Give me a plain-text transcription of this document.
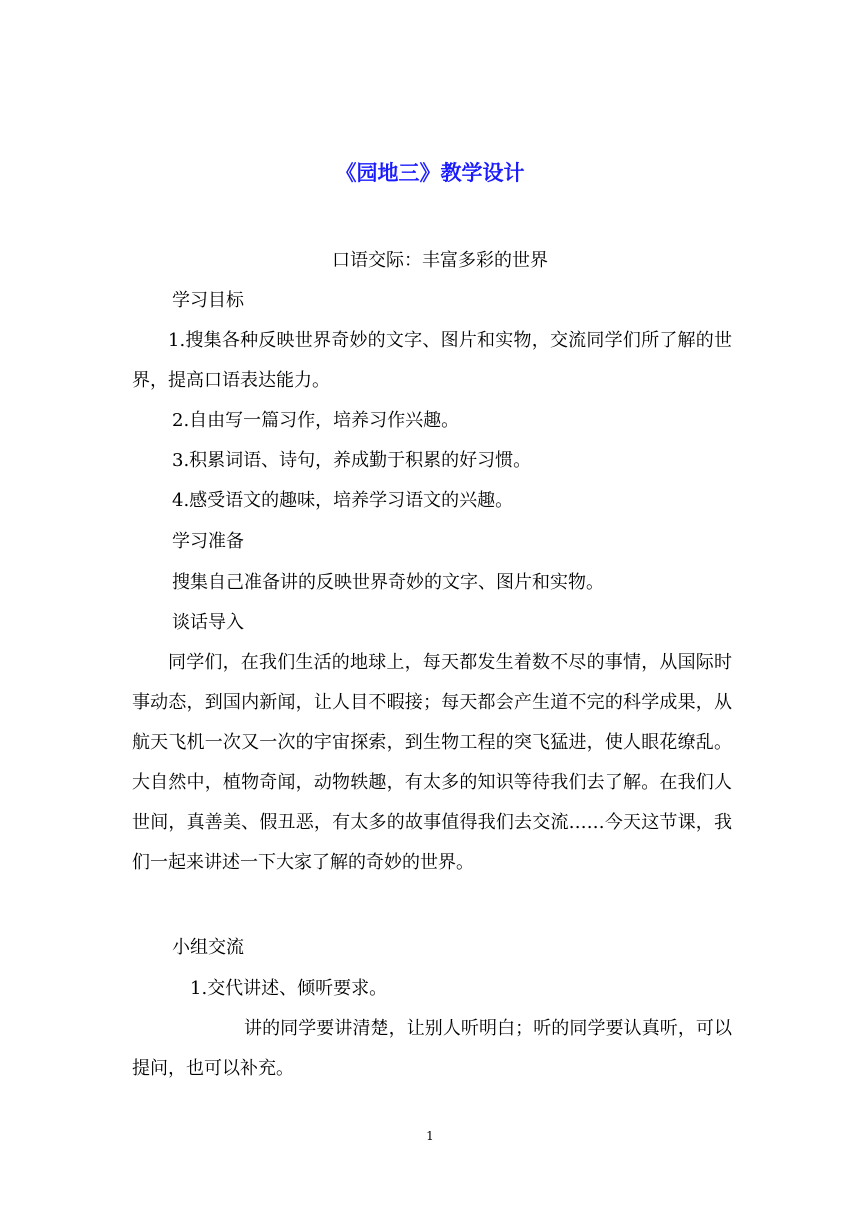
《园地三》教学设计
口语交际：丰富多彩的世界
学习目标
1.搜集各种反映世界奇妙的文字、图片和实物，交流同学们所了解的世界，提高口语表达能力。
2.自由写一篇习作，培养习作兴趣。
3.积累词语、诗句，养成勤于积累的好习惯。
4.感受语文的趣味，培养学习语文的兴趣。
学习准备
搜集自己准备讲的反映世界奇妙的文字、图片和实物。
谈话导入
同学们，在我们生活的地球上，每天都发生着数不尽的事情，从国际时事动态，到国内新闻，让人目不暇接；每天都会产生道不完的科学成果，从航天飞机一次又一次的宇宙探索，到生物工程的突飞猛进，使人眼花缭乱。大自然中，植物奇闻，动物轶趣，有太多的知识等待我们去了解。在我们人世间，真善美、假丑恶，有太多的故事值得我们去交流……今天这节课，我们一起来讲述一下大家了解的奇妙的世界。
小组交流
1.交代讲述、倾听要求。
讲的同学要讲清楚，让别人听明白；听的同学要认真听，可以提问，也可以补充。
1
